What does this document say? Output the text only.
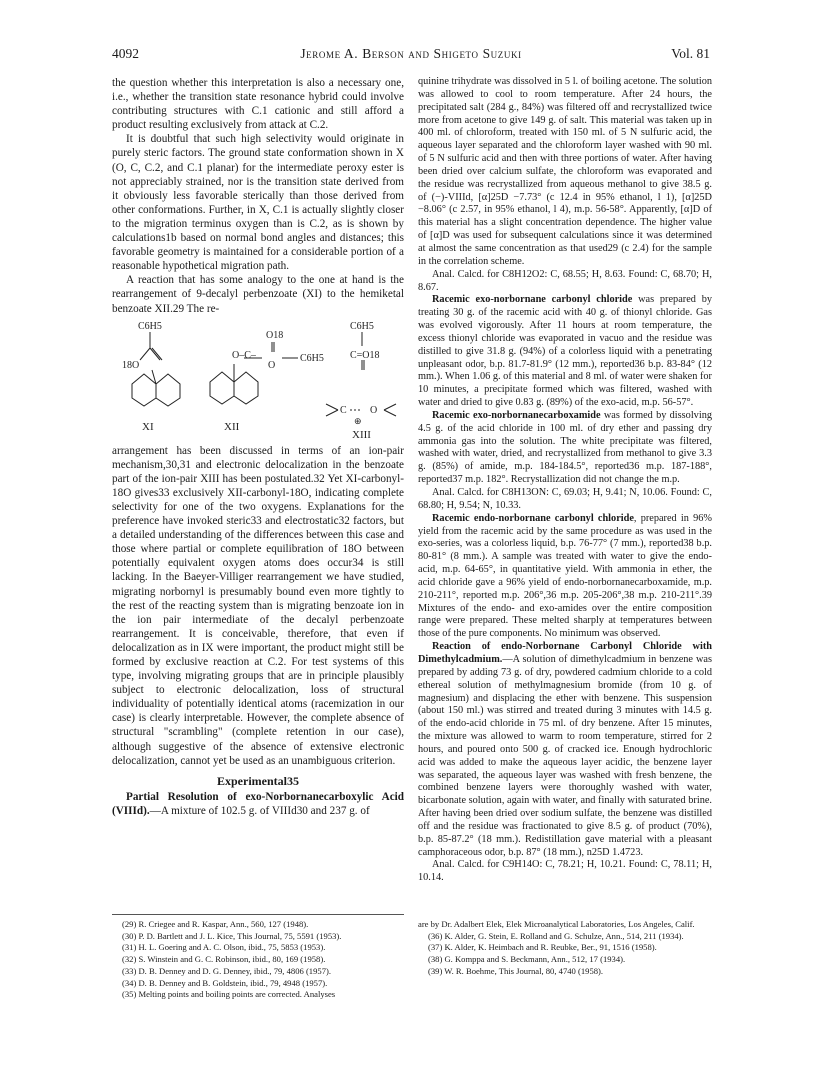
4092	Jerome A. Berson and Shigeto Suzuki	Vol. 81

the question whether this interpretation is also a necessary one, i.e., whether the transition state resonance hybrid could involve contributing structures with C.1 cationic and still afford a product resulting exclusively from attack at C.2.

It is doubtful that such high selectivity would originate in purely steric factors. The ground state conformation shown in X (O, C, C.2, and C.1 planar) for the intermediate peroxy ester is not appreciably strained, nor is the transition state derived from it obviously less favorable sterically than those derived from other conformations. Further, in X, C.1 is actually slightly closer to the migration terminus oxygen than is C.2, as is shown by calculations1b based on normal bond angles and distances; this favorable geometry is maintained for a considerable portion of a reasonable hypothetical migration path.

A reaction that has some analogy to the one at hand is the rearrangement of 9-decalyl perbenzoate (XI) to the hemiketal benzoate XII.29 The re-

C6H5
18O
O–C–	C6H5
O18
O
C6H5
C=O18
C O
⊕
XI	XII
XIII

arrangement has been discussed in terms of an ion-pair mechanism,30,31 and electronic delocalization in the benzoate part of the ion-pair XIII has been postulated.32 Yet XI-carbonyl-18O gives33 exclusively XII-carbonyl-18O, indicating complete selectivity for one of the two oxygens. Explanations for the preference have invoked steric33 and electrostatic32 factors, but a detailed understanding of the differences between this case and those where partial or complete equilibration of 18O between potentially equivalent oxygen atoms does occur34 is still lacking. In the Baeyer-Villiger rearrangement we have studied, migrating norbornyl is presumably bound even more tightly to the rest of the reacting system than is migrating benzoate ion in the ion pair intermediate of the decalyl perbenzoate rearrangement. It is conceivable, therefore, that even if delocalization as in IX were important, the product might still be formed by exclusive reaction at C.2. For test systems of this type, involving migrating groups that are in principle plausibly subject to electronic delocalization, loss of structural individuality of potentially identical atoms (racemization in our case) is clearly interpretable. However, the complete absence of structural "scrambling" (complete retention in our case), although suggestive of the absence of extensive electronic delocalization, cannot yet be used as an unambiguous criterion.

Experimental35

Partial Resolution of exo-Norbornanecarboxylic Acid (VIIId).—A mixture of 102.5 g. of VIIId30 and 237 g. of

quinine trihydrate was dissolved in 5 l. of boiling acetone. The solution was allowed to cool to room temperature. After 24 hours, the precipitated salt (284 g., 84%) was filtered off and recrystallized twice more from acetone to give 149 g. of salt. This material was taken up in 400 ml. of chloroform, treated with 150 ml. of 5 N sulfuric acid, the aqueous layer separated and the chloroform layer washed with 90 ml. of 5 N sulfuric acid and then with three portions of water. After having been dried over calcium sulfate, the chloroform was evaporated and the residue was recrystallized from aqueous methanol to give 38.5 g. of (−)-VIIId, [α]25D −7.73° (c 12.4 in 95% ethanol, l 1), [α]25D −8.06° (c 2.57, in 95% ethanol, l 4), m.p. 56-58°. Apparently, [α]D of this material has a slight concentration dependence. The higher value of [α]D was used for subsequent calculations since it was determined at almost the same concentration as that used29 (c 2.4) for the sample in the correlation scheme.

Anal. Calcd. for C8H12O2: C, 68.55; H, 8.63. Found: C, 68.70; H, 8.67.

Racemic exo-norbornane carbonyl chloride was prepared by treating 30 g. of the racemic acid with 40 g. of thionyl chloride. Gas was evolved vigorously. After 11 hours at room temperature, the excess thionyl chloride was evaporated in vacuo and the residue was distilled to give 31.8 g. (94%) of a colorless liquid with a penetrating unpleasant odor, b.p. 81.7-81.9° (12 mm.), reported36 b.p. 83-84° (12 mm.). When 1.06 g. of this material and 8 ml. of water were shaken for 10 minutes, a precipitate formed which was filtered, washed with water and dried to give 0.83 g. (89%) of the exo-acid, m.p. 56-57°.

Racemic exo-norbornanecarboxamide was formed by dissolving 4.5 g. of the acid chloride in 100 ml. of dry ether and passing dry ammonia gas into the solution. The white precipitate was filtered, washed with water, dried, and recrystallized from methanol to give 3.3 g. (85%) of amide, m.p. 184-184.5°, reported36 m.p. 187-188°, reported37 m.p. 182°. Recrystallization did not change the m.p.

Anal. Calcd. for C8H13ON: C, 69.03; H, 9.41; N, 10.06. Found: C, 68.80; H, 9.54; N, 10.33.

Racemic endo-norbornane carbonyl chloride, prepared in 96% yield from the racemic acid by the same procedure as was used in the exo-series, was a colorless liquid, b.p. 76-77° (7 mm.), reported38 b.p. 80-81° (8 mm.). A sample was treated with water to give the endo-acid, m.p. 64-65°, in quantitative yield. With ammonia in ether, the acid chloride gave a 96% yield of endo-norbornanecarboxamide, m.p. 210-211°, reported m.p. 206°,36 m.p. 205-206°,38 m.p. 210-211°.39 Mixtures of the endo- and exo-amides over the entire composition range were prepared. These melted sharply at temperatures between those of the pure components. No minimum was observed.

Reaction of endo-Norbornane Carbonyl Chloride with Dimethylcadmium.—A solution of dimethylcadmium in benzene was prepared by adding 73 g. of dry, powdered cadmium chloride to a cold ethereal solution of methylmagnesium bromide (from 10 g. of magnesium) and displacing the ether with benzene. This suspension (about 150 ml.) was stirred and treated during 3 minutes with 14.5 g. of the endo-acid chloride in 75 ml. of dry benzene. After 15 minutes, the mixture was allowed to warm to room temperature, stirred for 2 hours, and poured onto 500 g. of cracked ice. Enough hydrochloric acid was added to make the aqueous layer acidic, the benzene layer was separated, the aqueous layer was washed with fresh benzene, the combined benzene layers were thoroughly washed with water, bicarbonate solution, again with water, and finally with saturated brine. After having been dried over sodium sulfate, the benzene was distilled off and the residue was fractionated to give 8.5 g. of product (70%), b.p. 85-87.2° (18 mm.). Redistillation gave material with a pleasant camphoraceous odor, b.p. 87° (18 mm.), n25D 1.4723.

Anal. Calcd. for C9H14O: C, 78.21; H, 10.21. Found: C, 78.11; H, 10.14.

(29) R. Criegee and R. Kaspar, Ann., 560, 127 (1948).

(30) P. D. Bartlett and J. L. Kice, This Journal, 75, 5591 (1953).

(31) H. L. Goering and A. C. Olson, ibid., 75, 5853 (1953).

(32) S. Winstein and G. C. Robinson, ibid., 80, 169 (1958).

(33) D. B. Denney and D. G. Denney, ibid., 79, 4806 (1957).

(34) D. B. Denney and B. Goldstein, ibid., 79, 4948 (1957).

(35) Melting points and boiling points are corrected. Analyses

are by Dr. Adalbert Elek, Elek Microanalytical Laboratories, Los Angeles, Calif.

(36) K. Alder, G. Stein, E. Rolland and G. Schulze, Ann., 514, 211 (1934).

(37) K. Alder, K. Heimbach and R. Reubke, Ber., 91, 1516 (1958).

(38) G. Komppa and S. Beckmann, Ann., 512, 17 (1934).

(39) W. R. Boehme, This Journal, 80, 4740 (1958).
